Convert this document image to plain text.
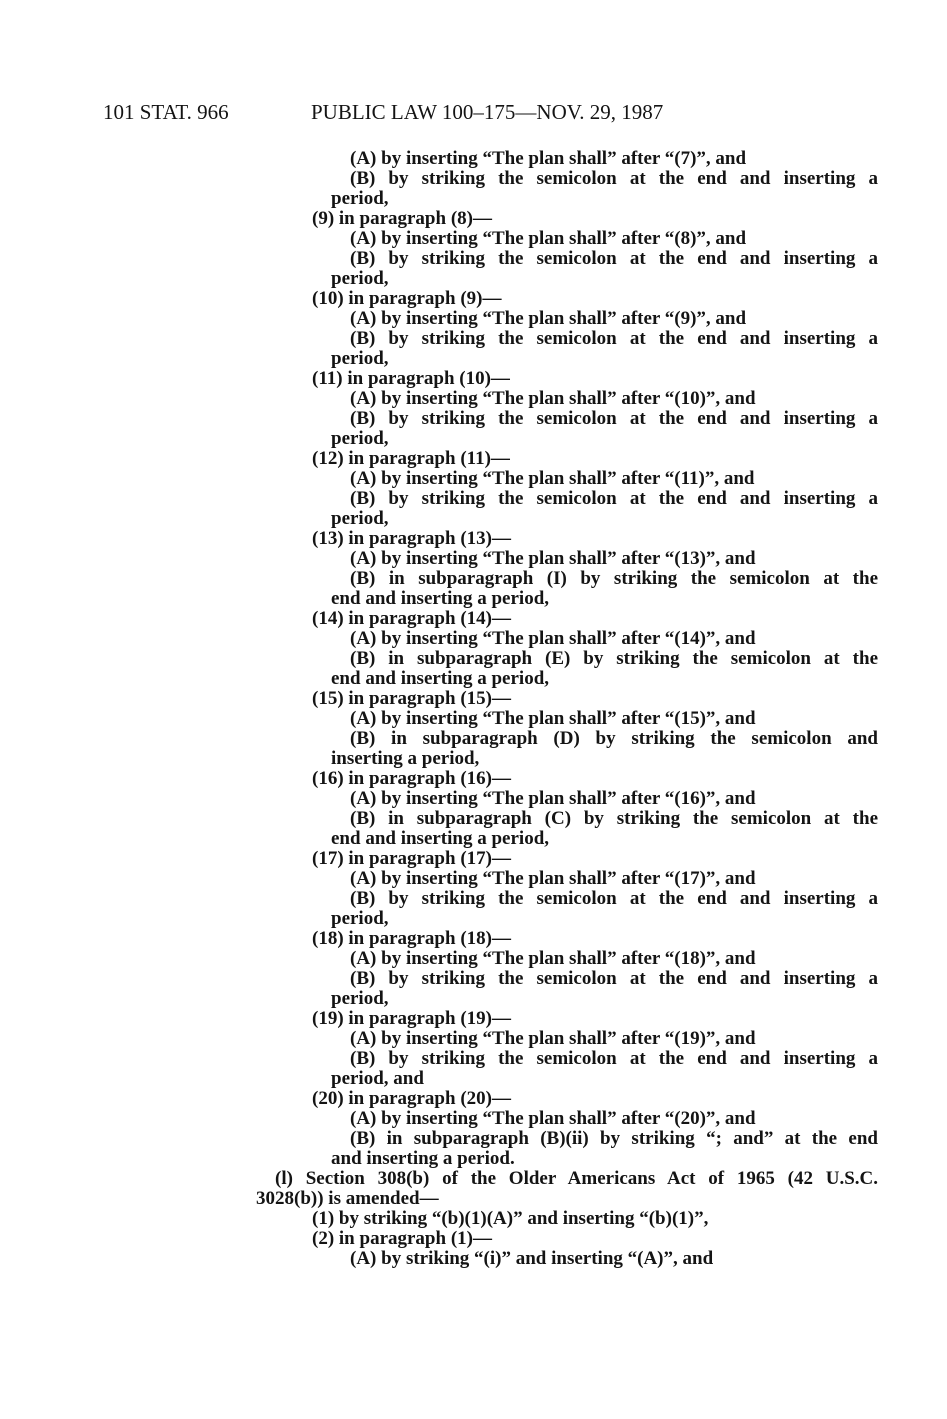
101 STAT. 966	PUBLIC LAW 100–175—NOV. 29, 1987
(A) by inserting “The plan shall” after “(7)”, and
(B) by striking the semicolon at the end and inserting a
period,
(9) in paragraph (8)—
(A) by inserting “The plan shall” after “(8)”, and
(B) by striking the semicolon at the end and inserting a
period,
(10) in paragraph (9)—
(A) by inserting “The plan shall” after “(9)”, and
(B) by striking the semicolon at the end and inserting a
period,
(11) in paragraph (10)—
(A) by inserting “The plan shall” after “(10)”, and
(B) by striking the semicolon at the end and inserting a
period,
(12) in paragraph (11)—
(A) by inserting “The plan shall” after “(11)”, and
(B) by striking the semicolon at the end and inserting a
period,
(13) in paragraph (13)—
(A) by inserting “The plan shall” after “(13)”, and
(B) in subparagraph (I) by striking the semicolon at the
end and inserting a period,
(14) in paragraph (14)—
(A) by inserting “The plan shall” after “(14)”, and
(B) in subparagraph (E) by striking the semicolon at the
end and inserting a period,
(15) in paragraph (15)—
(A) by inserting “The plan shall” after “(15)”, and
(B) in subparagraph (D) by striking the semicolon and
inserting a period,
(16) in paragraph (16)—
(A) by inserting “The plan shall” after “(16)”, and
(B) in subparagraph (C) by striking the semicolon at the
end and inserting a period,
(17) in paragraph (17)—
(A) by inserting “The plan shall” after “(17)”, and
(B) by striking the semicolon at the end and inserting a
period,
(18) in paragraph (18)—
(A) by inserting “The plan shall” after “(18)”, and
(B) by striking the semicolon at the end and inserting a
period,
(19) in paragraph (19)—
(A) by inserting “The plan shall” after “(19)”, and
(B) by striking the semicolon at the end and inserting a
period, and
(20) in paragraph (20)—
(A) by inserting “The plan shall” after “(20)”, and
(B) in subparagraph (B)(ii) by striking “; and” at the end
and inserting a period.
(l) Section 308(b) of the Older Americans Act of 1965 (42 U.S.C.
3028(b)) is amended—
(1) by striking “(b)(1)(A)” and inserting “(b)(1)”,
(2) in paragraph (1)—
(A) by striking “(i)” and inserting “(A)”, and
